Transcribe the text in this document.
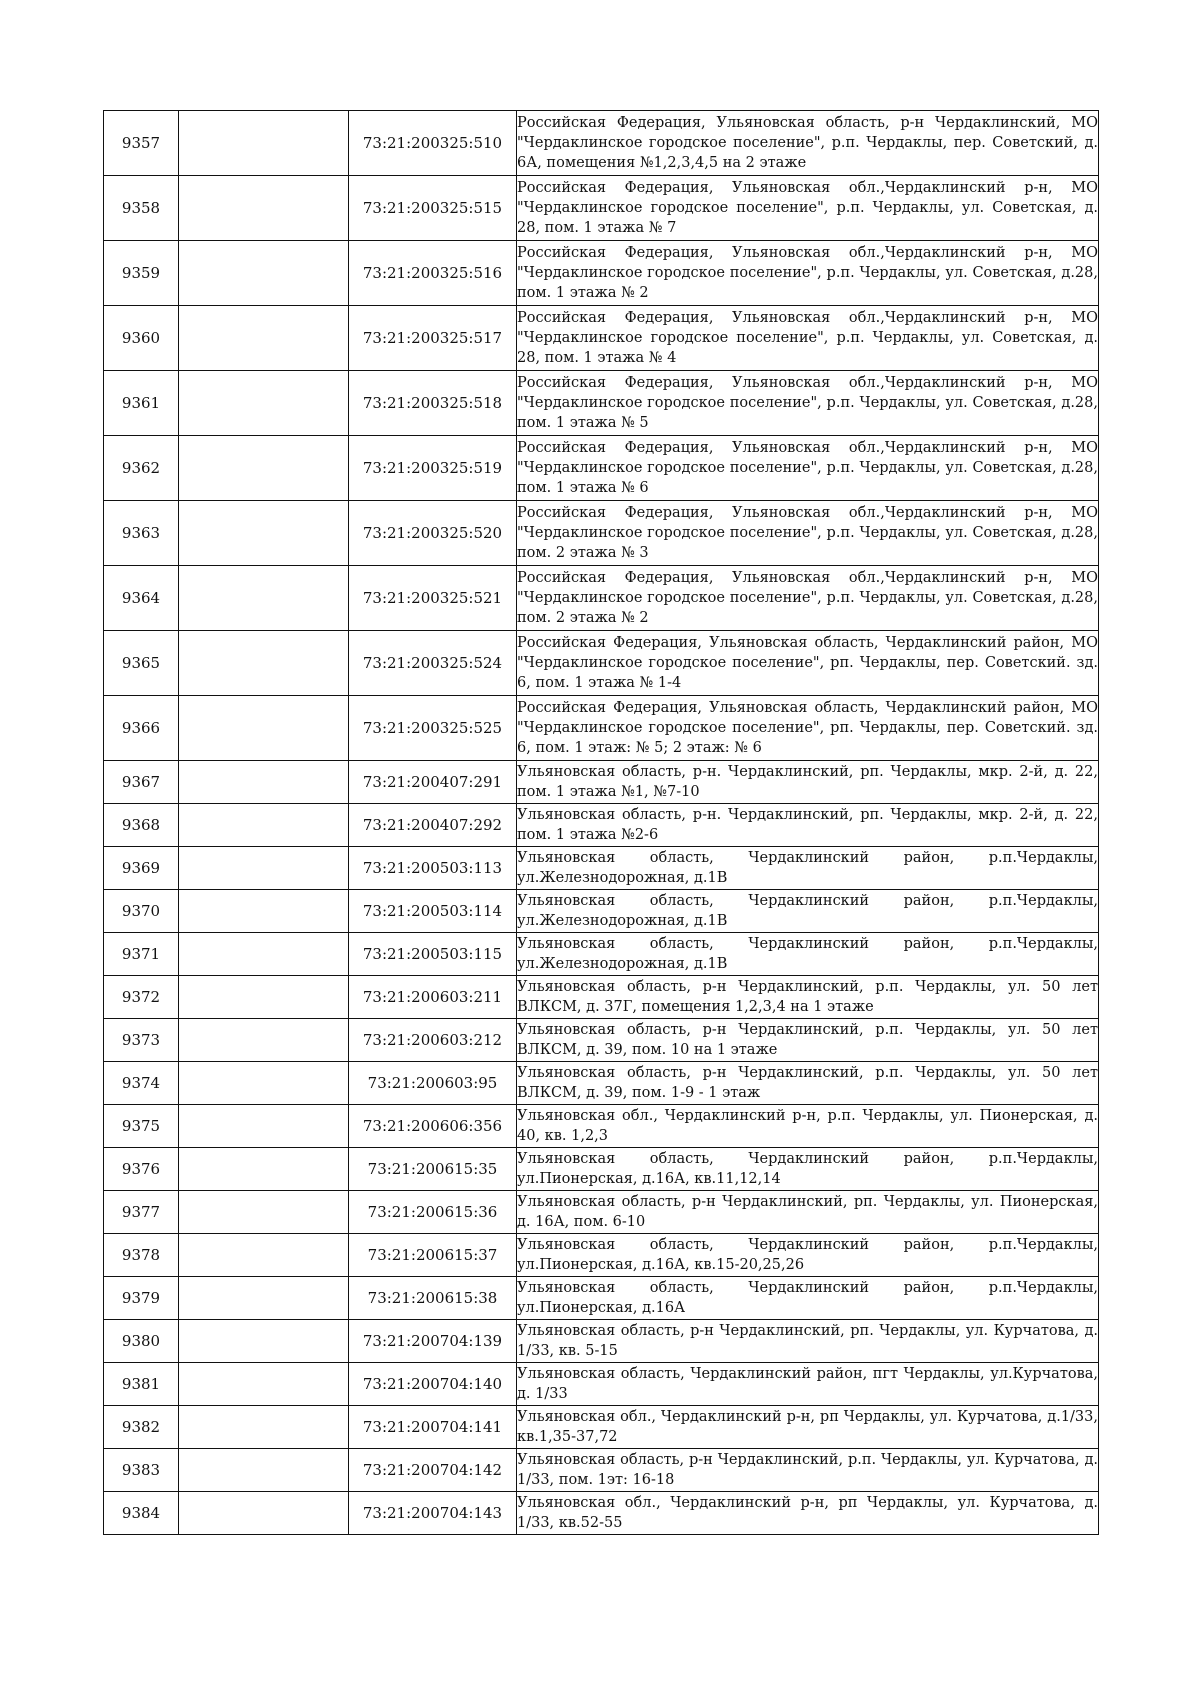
9357		73:21:200325:510	Российская Федерация, Ульяновская область, р-н Чердаклинский, МО "Чердаклинское городское поселение", р.п. Чердаклы, пер. Советский, д. 6А, помещения №1,2,3,4,5 на 2 этаже
9358		73:21:200325:515	Российская Федерация, Ульяновская обл.,Чердаклинский р-н, МО "Чердаклинское городское поселение", р.п. Чердаклы, ул. Советская, д. 28, пом. 1 этажа № 7
9359		73:21:200325:516	Российская Федерация, Ульяновская обл.,Чердаклинский р-н, МО "Чердаклинское городское поселение", р.п. Чердаклы, ул. Советская, д.28, пом. 1 этажа № 2
9360		73:21:200325:517	Российская Федерация, Ульяновская обл.,Чердаклинский р-н, МО "Чердаклинское городское поселение", р.п. Чердаклы, ул. Советская, д. 28, пом. 1 этажа № 4
9361		73:21:200325:518	Российская Федерация, Ульяновская обл.,Чердаклинский р-н, МО "Чердаклинское городское поселение", р.п. Чердаклы, ул. Советская, д.28, пом. 1 этажа № 5
9362		73:21:200325:519	Российская Федерация, Ульяновская обл.,Чердаклинский р-н, МО "Чердаклинское городское поселение", р.п. Чердаклы, ул. Советская, д.28, пом. 1 этажа № 6
9363		73:21:200325:520	Российская Федерация, Ульяновская обл.,Чердаклинский р-н, МО "Чердаклинское городское поселение", р.п. Чердаклы, ул. Советская, д.28, пом. 2 этажа № 3
9364		73:21:200325:521	Российская Федерация, Ульяновская обл.,Чердаклинский р-н, МО "Чердаклинское городское поселение", р.п. Чердаклы, ул. Советская, д.28, пом. 2 этажа № 2
9365		73:21:200325:524	Российская Федерация, Ульяновская область, Чердаклинский район, МО "Чердаклинское городское поселение", рп. Чердаклы, пер. Советский. зд. 6, пом. 1 этажа № 1-4
9366		73:21:200325:525	Российская Федерация, Ульяновская область, Чердаклинский район, МО "Чердаклинское городское поселение", рп. Чердаклы, пер. Советский. зд. 6, пом. 1 этаж: № 5; 2 этаж: № 6
9367		73:21:200407:291	Ульяновская область, р-н. Чердаклинский, рп. Чердаклы, мкр. 2-й, д. 22, пом. 1 этажа №1, №7-10
9368		73:21:200407:292	Ульяновская область, р-н. Чердаклинский, рп. Чердаклы, мкр. 2-й, д. 22, пом. 1 этажа №2-6
9369		73:21:200503:113	Ульяновская область, Чердаклинский район, р.п.Чердаклы, ул.Железнодорожная, д.1В
9370		73:21:200503:114	Ульяновская область, Чердаклинский район, р.п.Чердаклы, ул.Железнодорожная, д.1В
9371		73:21:200503:115	Ульяновская область, Чердаклинский район, р.п.Чердаклы, ул.Железнодорожная, д.1В
9372		73:21:200603:211	Ульяновская область, р-н Чердаклинский, р.п. Чердаклы, ул. 50 лет ВЛКСМ, д. 37Г, помещения 1,2,3,4 на 1 этаже
9373		73:21:200603:212	Ульяновская область, р-н Чердаклинский, р.п. Чердаклы, ул. 50 лет ВЛКСМ, д. 39, пом. 10 на 1 этаже
9374		73:21:200603:95	Ульяновская область, р-н Чердаклинский, р.п. Чердаклы, ул. 50 лет ВЛКСМ, д. 39, пом. 1-9 - 1 этаж
9375		73:21:200606:356	Ульяновская обл., Чердаклинский р-н, р.п. Чердаклы, ул. Пионерская, д. 40, кв. 1,2,3
9376		73:21:200615:35	Ульяновская область, Чердаклинский район, р.п.Чердаклы, ул.Пионерская, д.16А, кв.11,12,14
9377		73:21:200615:36	Ульяновская область, р-н Чердаклинский, рп. Чердаклы, ул. Пионерская, д. 16А, пом. 6-10
9378		73:21:200615:37	Ульяновская область, Чердаклинский район, р.п.Чердаклы, ул.Пионерская, д.16А, кв.15-20,25,26
9379		73:21:200615:38	Ульяновская область, Чердаклинский район, р.п.Чердаклы, ул.Пионерская, д.16А
9380		73:21:200704:139	Ульяновская область, р-н Чердаклинский, рп. Чердаклы, ул. Курчатова, д. 1/33, кв. 5-15
9381		73:21:200704:140	Ульяновская область, Чердаклинский район, пгт Чердаклы, ул.Курчатова, д. 1/33
9382		73:21:200704:141	Ульяновская обл., Чердаклинский р-н, рп Чердаклы, ул. Курчатова, д.1/33, кв.1,35-37,72
9383		73:21:200704:142	Ульяновская область, р-н Чердаклинский, р.п. Чердаклы, ул. Курчатова, д. 1/33, пом. 1эт: 16-18
9384		73:21:200704:143	Ульяновская обл., Чердаклинский р-н, рп Чердаклы, ул. Курчатова, д. 1/33, кв.52-55
